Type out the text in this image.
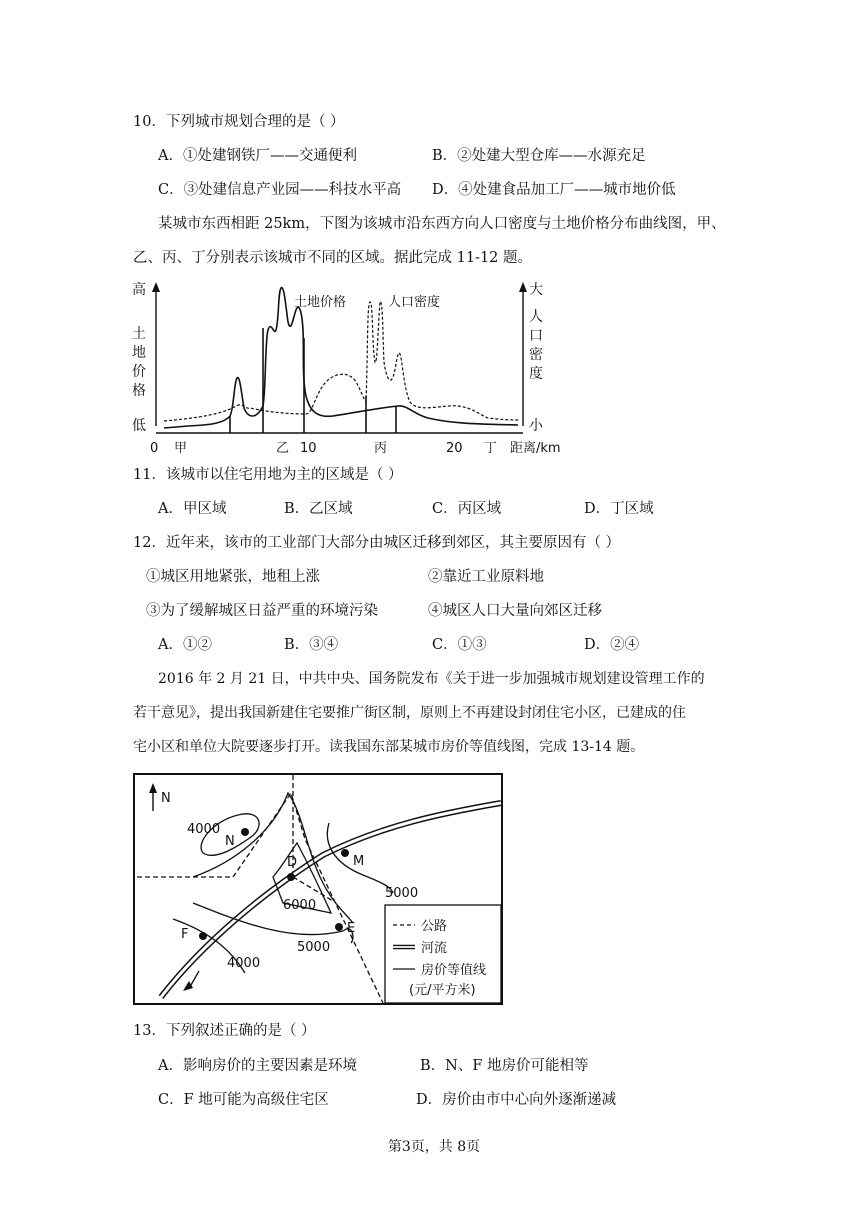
10．下列城市规划合理的是（ ）
A．①处建钢铁厂——交通便利	B．②处建大型仓库——水源充足
C．③处建信息产业园——科技水平高 D．④处建食品加工厂——城市地价低
某城市东西相距 25km，下图为该城市沿东西方向人口密度与土地价格分布曲线图，甲、
乙、丙、丁分别表示该城市不同的区域。据此完成 11-12 题。
高
土
地
价
格
低
大
人
口
密
度
小
土地价格	人口密度
0	10	20
甲	乙	丙	丁 距离/km
11．该城市以住宅用地为主的区域是（ ）
A．甲区域	B．乙区域	C．丙区域	D．丁区域
12．近年来，该市的工业部门大部分由城区迁移到郊区，其主要原因有（ ）
①城区用地紧张，地租上涨	②靠近工业原料地
③为了缓解城区日益严重的环境污染	④城区人口大量向郊区迁移
A．①②	B．③④	C．①③	D．②④
2016 年 2 月 21 日，中共中央、国务院发布《关于进一步加强城市规划建设管理工作的
若干意见》，提出我国新建住宅要推广街区制，原则上不再建设封闭住宅小区，已建成的住
宅小区和单位大院要逐步打开。读我国东部某城市房价等值线图，完成 13-14 题。
N
N
D	M
F	E
4000
6000
5000
5000
4000
公路
河流
房价等值线
(元/平方米)
13．下列叙述正确的是（ ）
A．影响房价的主要因素是环境	B．N、F 地房价可能相等
C．F 地可能为高级住宅区	D．房价由市中心向外逐渐递减
第3页，共 8页
